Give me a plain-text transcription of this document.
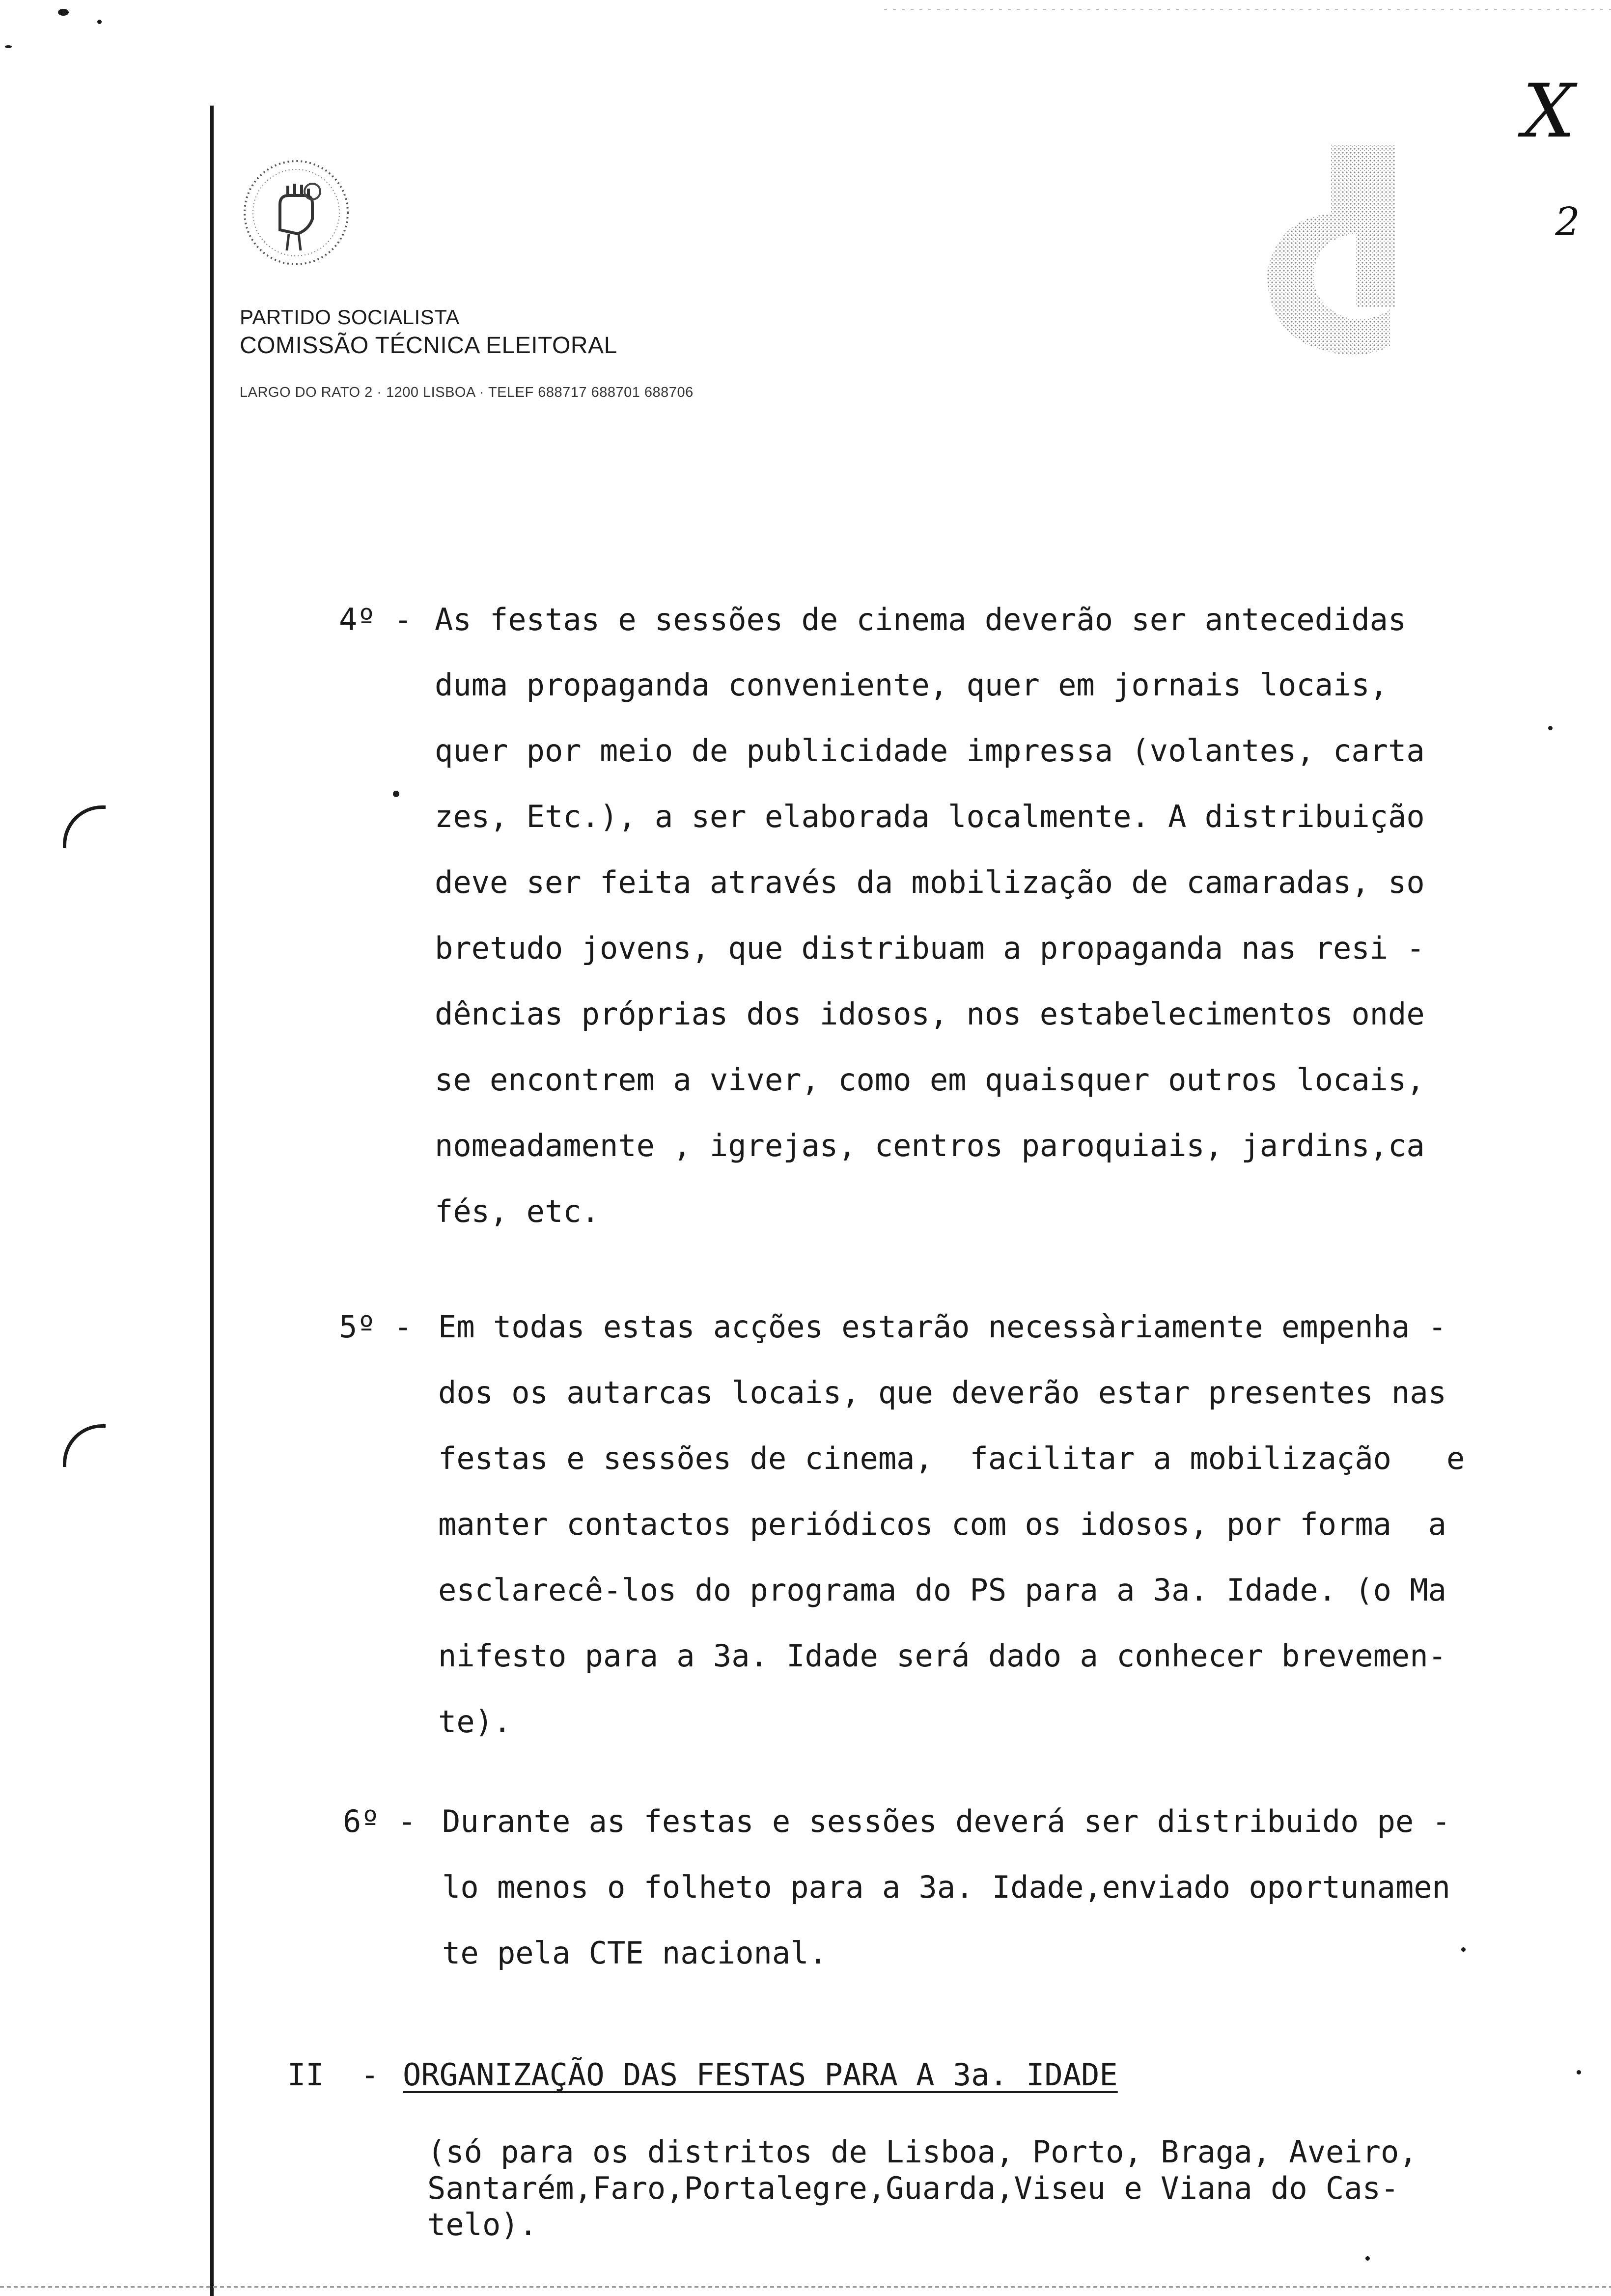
PARTIDO SOCIALISTA
COMISSÃO TÉCNICA ELEITORAL
LARGO DO RATO 2 · 1200 LISBOA · TELEF 688717 688701 688706
X
2
4º - As festas e sessões de cinema deverão ser antecedidas
duma propaganda conveniente, quer em jornais locais,
quer por meio de publicidade impressa (volantes, carta
zes, Etc.), a ser elaborada localmente. A distribuição
deve ser feita através da mobilização de camaradas, so
bretudo jovens, que distribuam a propaganda nas resi -
dências próprias dos idosos, nos estabelecimentos onde
se encontrem a viver, como em quaisquer outros locais,
nomeadamente , igrejas, centros paroquiais, jardins,ca
fés, etc.
5º - Em todas estas acções estarão necessàriamente empenha -
dos os autarcas locais, que deverão estar presentes nas
festas e sessões de cinema,  facilitar a mobilização   e
manter contactos periódicos com os idosos, por forma  a
esclarecê-los do programa do PS para a 3a. Idade. (o Ma
nifesto para a 3a. Idade será dado a conhecer brevemen-
te).
6º - Durante as festas e sessões deverá ser distribuido pe -
lo menos o folheto para a 3a. Idade,enviado oportunamen
te pela CTE nacional.
II  - ORGANIZAÇÃO DAS FESTAS PARA A 3a. IDADE
(só para os distritos de Lisboa, Porto, Braga, Aveiro,
Santarém,Faro,Portalegre,Guarda,Viseu e Viana do Cas-
telo).
